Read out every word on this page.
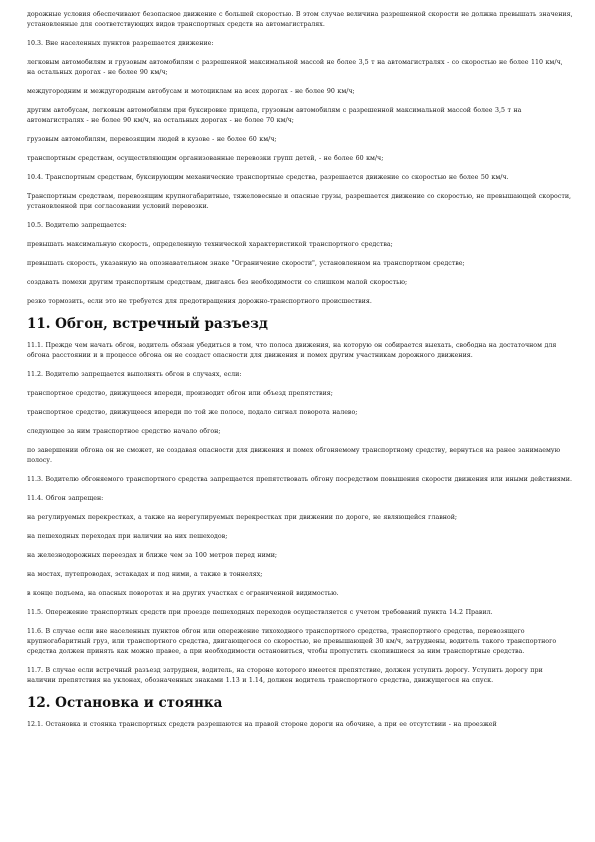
дорожные условия обеспечивают безопасное движение с большей скоростью. В этом случае величина разрешенной скорости не должна превышать значения, установленные для соответствующих видов транспортных средств на автомагистралях.

10.3. Вне населенных пунктов разрешается движение:

легковым автомобилям и грузовым автомобилям с разрешенной максимальной массой не более 3,5 т на автомагистралях - со скоростью не более 110 км/ч, на остальных дорогах - не более 90 км/ч;

междугородним и междугородным автобусам и мотоциклам на всех дорогах - не более 90 км/ч;

другим автобусам, легковым автомобилям при буксировке прицепа, грузовым автомобилям с разрешенной максимальной массой более 3,5 т на автомагистралях - не более 90 км/ч, на остальных дорогах - не более 70 км/ч;

грузовым автомобилям, перевозящим людей в кузове - не более 60 км/ч;

транспортным средствам, осуществляющим организованные перевозки групп детей, - не более 60 км/ч;

10.4. Транспортным средствам, буксирующим механические транспортные средства, разрешается движение со скоростью не более 50 км/ч.

Транспортным средствам, перевозящим крупногабаритные, тяжеловесные и опасные грузы, разрешается движение со скоростью, не превышающей скорости, установленной при согласовании условий перевозки.

10.5. Водителю запрещается:

превышать максимальную скорость, определенную технической характеристикой транспортного средства;

превышать скорость, указанную на опознавательном знаке "Ограничение скорости", установленном на транспортном средстве;

создавать помехи другим транспортным средствам, двигаясь без необходимости со слишком малой скоростью;

резко тормозить, если это не требуется для предотвращения дорожно-транспортного происшествия.

11. Обгон, встречный разъезд

11.1. Прежде чем начать обгон, водитель обязан убедиться в том, что полоса движения, на которую он собирается выехать, свободна на достаточном для обгона расстоянии и в процессе обгона он не создаст опасности для движения и помех другим участникам дорожного движения.

11.2. Водителю запрещается выполнять обгон в случаях, если:

транспортное средство, движущееся впереди, производит обгон или объезд препятствия;

транспортное средство, движущееся впереди по той же полосе, подало сигнал поворота налево;

следующее за ним транспортное средство начало обгон;

по завершении обгона он не сможет, не создавая опасности для движения и помех обгоняемому транспортному средству, вернуться на ранее занимаемую полосу.

11.3. Водителю обгоняемого транспортного средства запрещается препятствовать обгону посредством повышения скорости движения или иными действиями.

11.4. Обгон запрещен:

на регулируемых перекрестках, а также на нерегулируемых перекрестках при движении по дороге, не являющейся главной;

на пешеходных переходах при наличии на них пешеходов;

на железнодорожных переездах и ближе чем за 100 метров перед ними;

на мостах, путепроводах, эстакадах и под ними, а также в тоннелях;

в конце подъема, на опасных поворотах и на других участках с ограниченной видимостью.

11.5. Опережение транспортных средств при проезде пешеходных переходов осуществляется с учетом требований пункта 14.2 Правил.

11.6. В случае если вне населенных пунктов обгон или опережение тихоходного транспортного средства, транспортного средства, перевозящего крупногабаритный груз, или транспортного средства, двигающегося со скоростью, не превышающей 30 км/ч, затруднены, водитель такого транспортного средства должен принять как можно правее, а при необходимости остановиться, чтобы пропустить скопившиеся за ним транспортные средства.

11.7. В случае если встречный разъезд затруднен, водитель, на стороне которого имеется препятствие, должен уступить дорогу. Уступить дорогу при наличии препятствия на уклонах, обозначенных знаками 1.13 и 1.14, должен водитель транспортного средства, движущегося на спуск.

12. Остановка и стоянка

12.1. Остановка и стоянка транспортных средств разрешаются на правой стороне дороги на обочине, а при ее отсутствии - на проезжей
